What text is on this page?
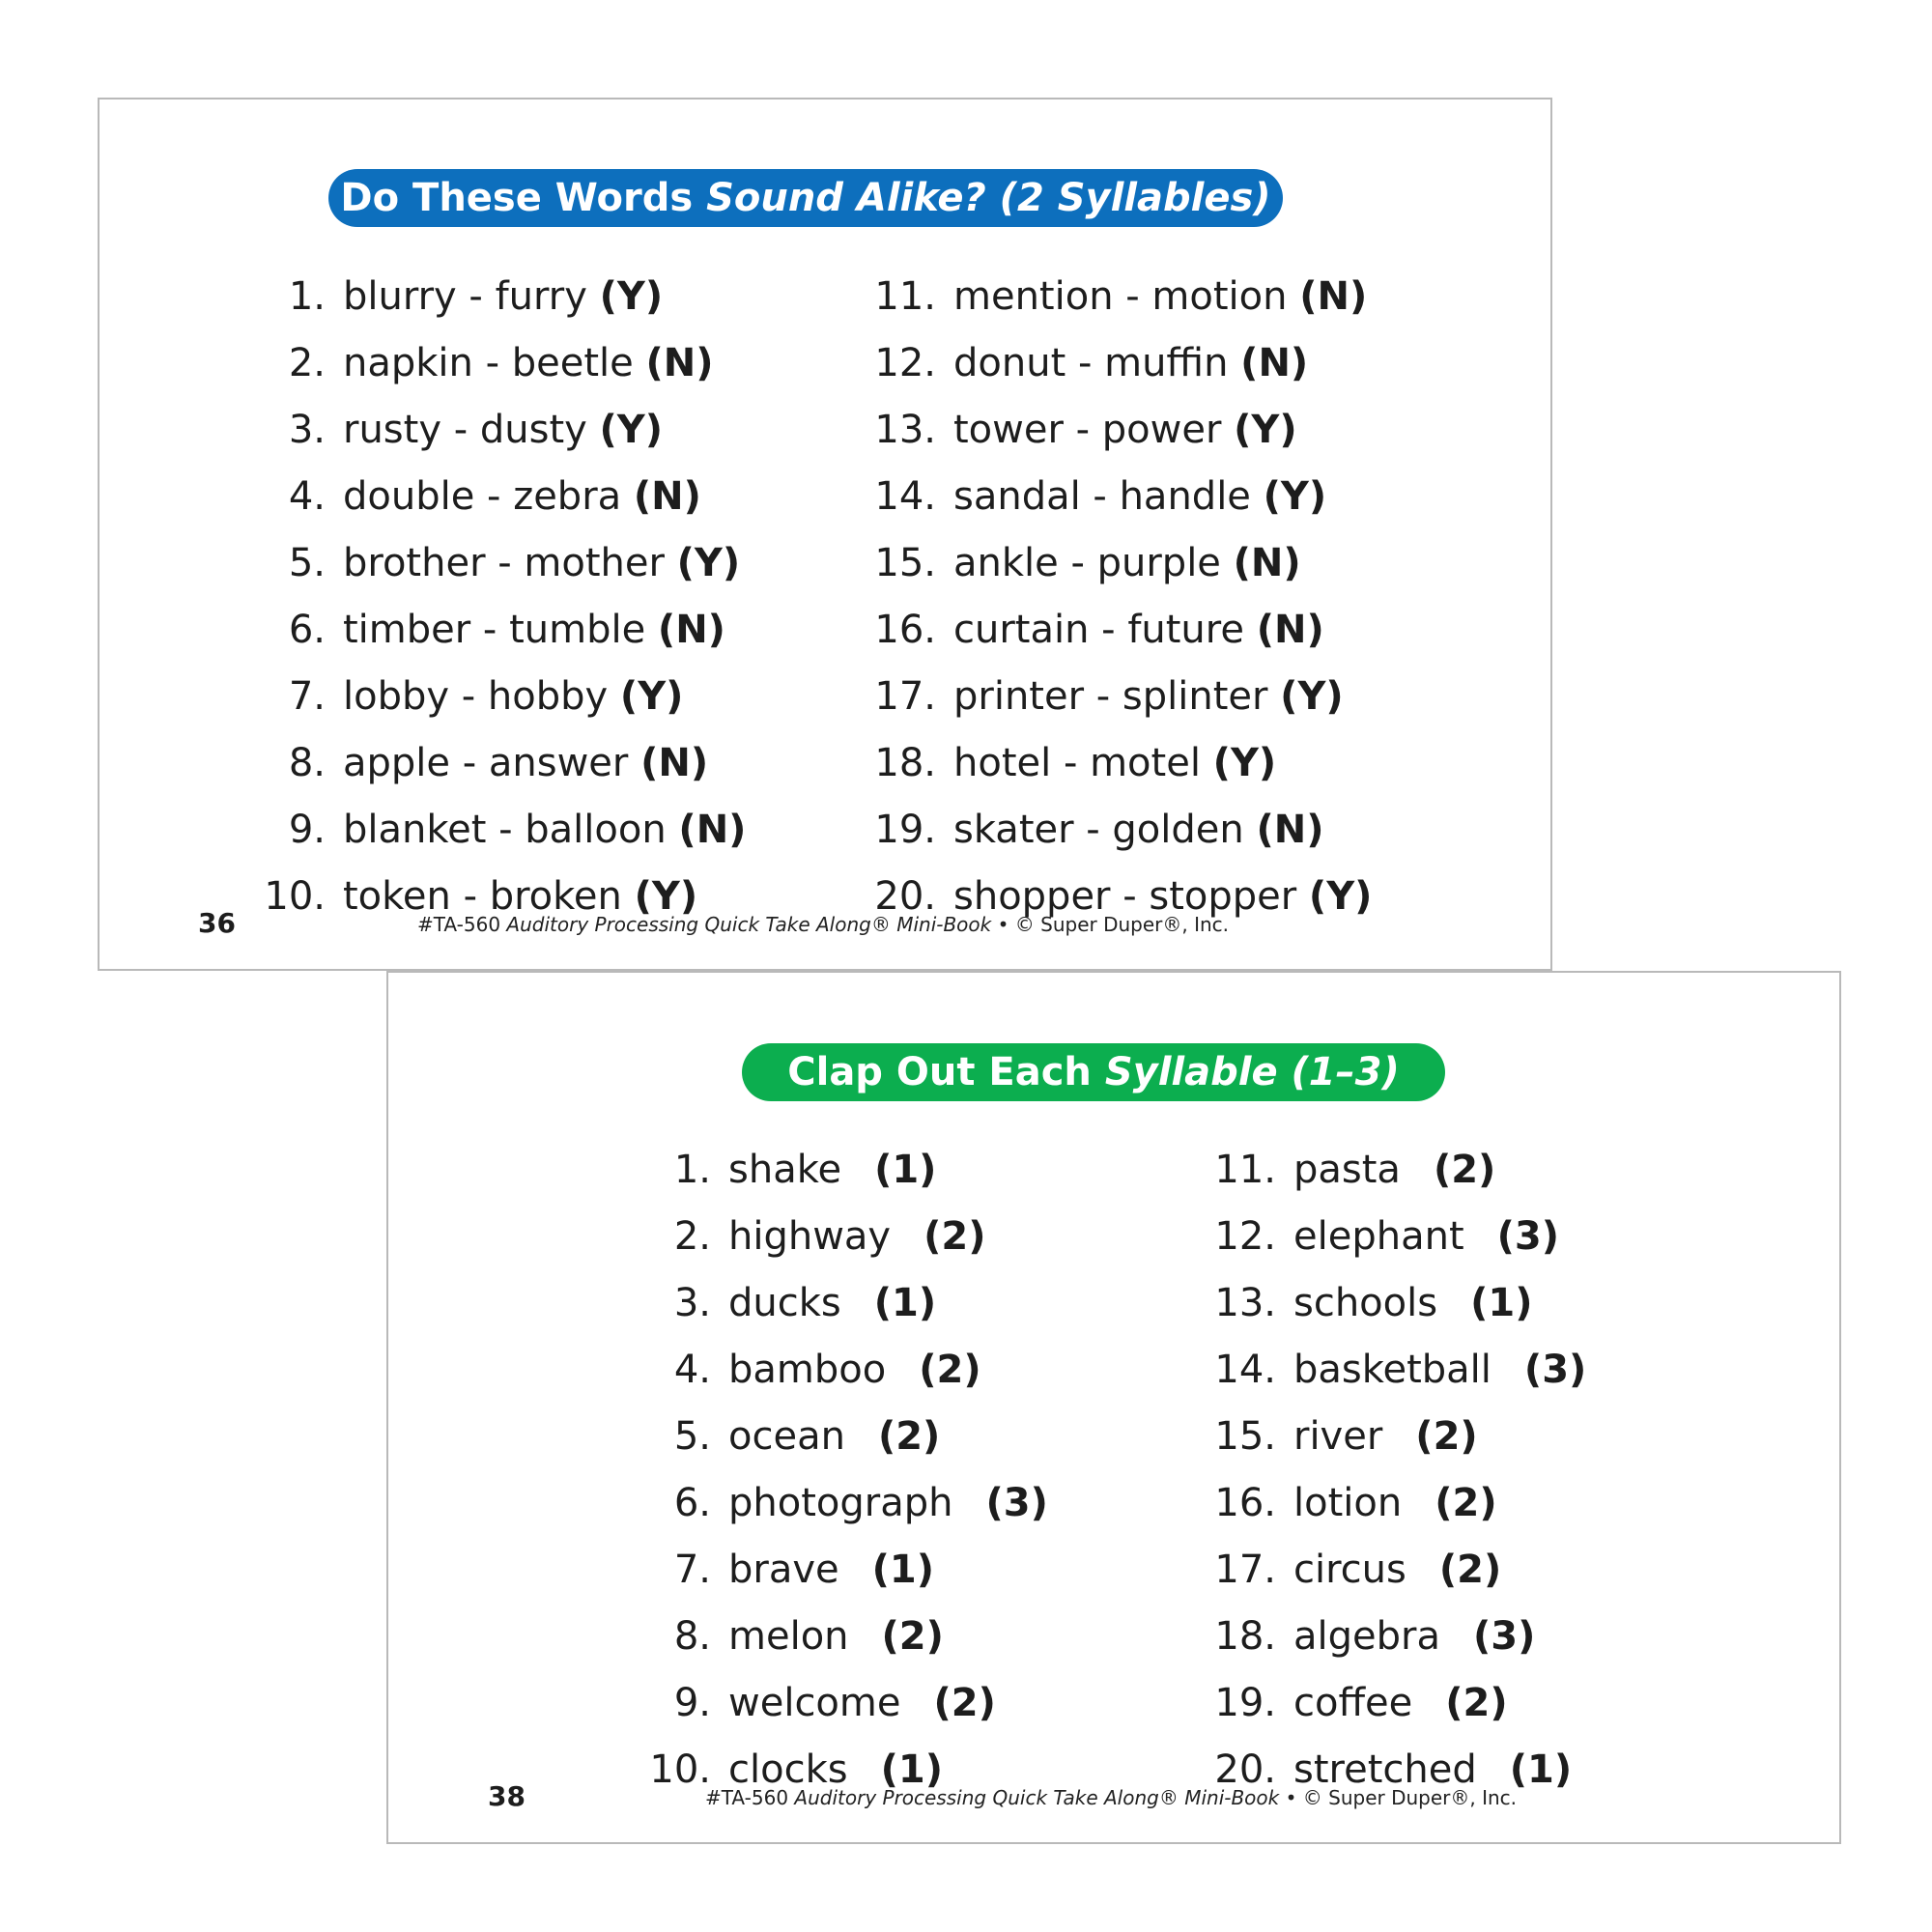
Do These Words Sound Alike? (2 Syllables)
1. blurry - furry (Y)
2. napkin - beetle (N)
3. rusty - dusty (Y)
4. double - zebra (N)
5. brother - mother (Y)
6. timber - tumble (N)
7. lobby - hobby (Y)
8. apple - answer (N)
9. blanket - balloon (N)
10. token - broken (Y)
11. mention - motion (N)
12. donut - muffin (N)
13. tower - power (Y)
14. sandal - handle (Y)
15. ankle - purple (N)
16. curtain - future (N)
17. printer - splinter (Y)
18. hotel - motel (Y)
19. skater - golden (N)
20. shopper - stopper (Y)
36	#TA-560 Auditory Processing Quick Take Along® Mini-Book • © Super Duper®, Inc.
Clap Out Each Syllable (1–3)
1. shake (1)
2. highway (2)
3. ducks (1)
4. bamboo (2)
5. ocean (2)
6. photograph (3)
7. brave (1)
8. melon (2)
9. welcome (2)
10. clocks (1)
11. pasta (2)
12. elephant (3)
13. schools (1)
14. basketball (3)
15. river (2)
16. lotion (2)
17. circus (2)
18. algebra (3)
19. coffee (2)
20. stretched (1)
38	#TA-560 Auditory Processing Quick Take Along® Mini-Book • © Super Duper®, Inc.
